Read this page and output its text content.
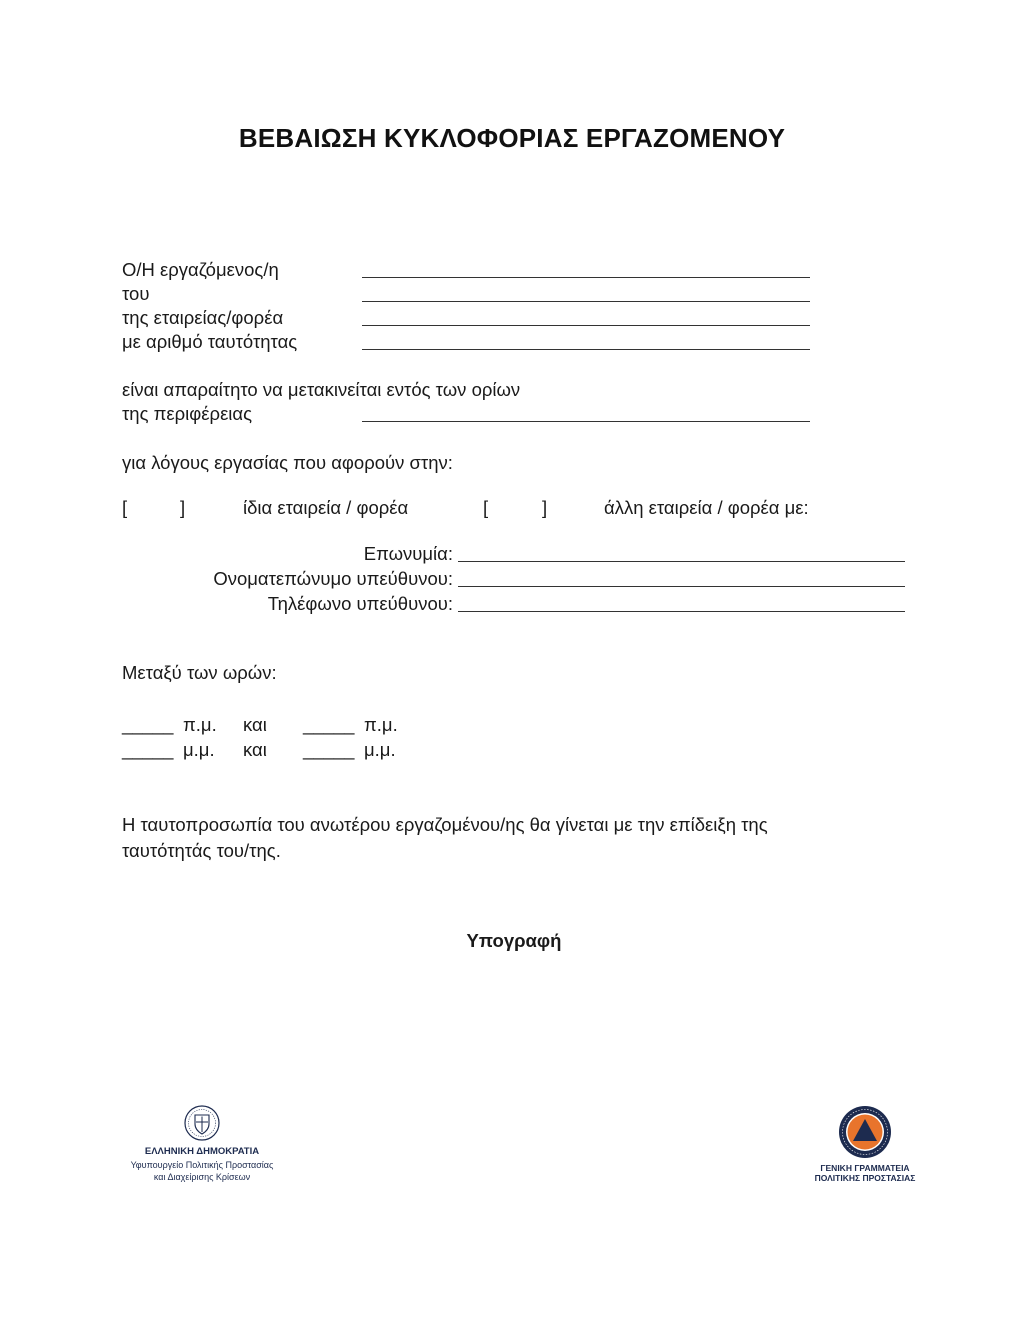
ΒΕΒΑΙΩΣΗ ΚΥΚΛΟΦΟΡΙΑΣ ΕΡΓΑΖΟΜΕΝΟΥ
Ο/Η εργαζόμενος/η
του
της εταιρείας/φορέα
με αριθμό ταυτότητας
είναι απαραίτητο να μετακινείται εντός των ορίων
της περιφέρειας
για λόγους εργασίας που αφορούν στην:
[	]	ίδια εταιρεία / φορέα	[	]	άλλη εταιρεία / φορέα με:
Επωνυμία:
Ονοματεπώνυμο υπεύθυνου:
Τηλέφωνο υπεύθυνου:
Μεταξύ των ωρών:
_____ π.μ. και _____ π.μ.
_____ μ.μ. και _____ μ.μ.
Η ταυτοπροσωπία του ανωτέρου εργαζομένου/ης θα γίνεται με την επίδειξη της
ταυτότητάς του/της.
Υπογραφή
ΕΛΛΗΝΙΚΗ ΔΗΜΟΚΡΑΤΙΑ
Υφυπουργείο Πολιτικής Προστασίας
και Διαχείρισης Κρίσεων
ΓΕΝΙΚΗ ΓΡΑΜΜΑΤΕΙΑ
ΠΟΛΙΤΙΚΗΣ ΠΡΟΣΤΑΣΙΑΣ
